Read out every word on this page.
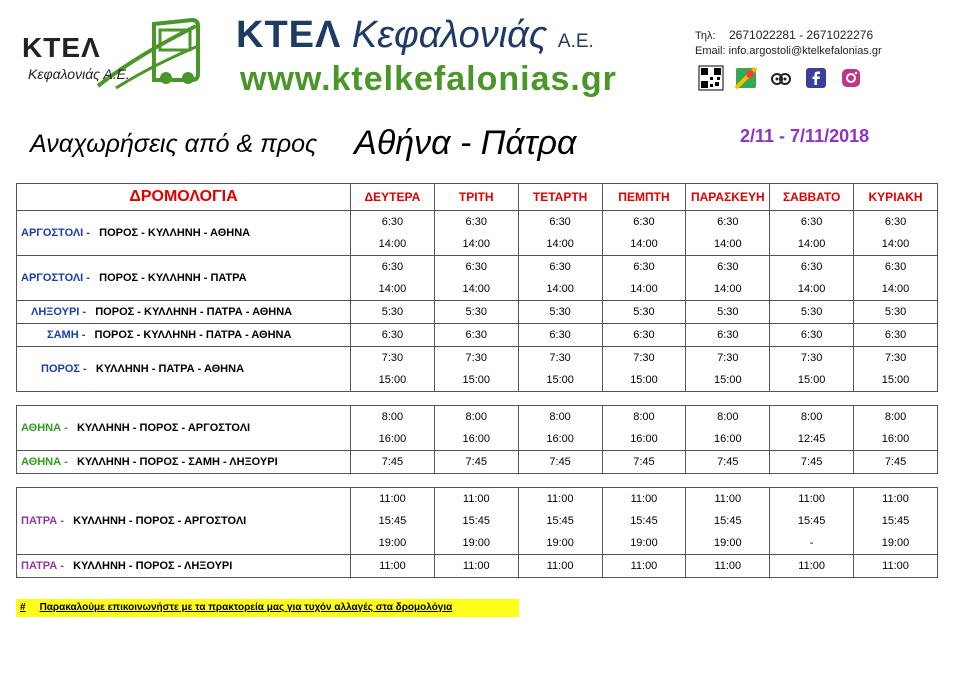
ΚΤΕΛ
Κεφαλονιάς Α.Ε.
ΚΤΕΛ Κεφαλονιάς Α.Ε.
www.ktelkefalonias.gr
Τηλ: 2671022281 - 2671022276
Email: info.argostoli@ktelkefalonias.gr
Αναχωρήσεις από & προς Αθήνα - Πάτρα	2/11 - 7/11/2018
ΔΡΟΜΟΛΟΓΙΑ	ΔΕΥΤΕΡΑ	ΤΡΙΤΗ	ΤΕΤΑΡΤΗ	ΠΕΜΠΤΗ	ΠΑΡΑΣΚΕΥΗ	ΣΑΒΒΑΤΟ	ΚΥΡΙΑΚΗ
ΑΡΓΟΣΤΟΛΙ - ΠΟΡΟΣ - ΚΥΛΛΗΝΗ - ΑΘΗΝΑ	6:30	6:30	6:30	6:30	6:30	6:30	6:30
	14:00	14:00	14:00	14:00	14:00	14:00	14:00
ΑΡΓΟΣΤΟΛΙ - ΠΟΡΟΣ - ΚΥΛΛΗΝΗ - ΠΑΤΡΑ	6:30	6:30	6:30	6:30	6:30	6:30	6:30
	14:00	14:00	14:00	14:00	14:00	14:00	14:00
ΛΗΞΟΥΡΙ - ΠΟΡΟΣ - ΚΥΛΛΗΝΗ - ΠΑΤΡΑ - ΑΘΗΝΑ	5:30	5:30	5:30	5:30	5:30	5:30	5:30
ΣΑΜΗ - ΠΟΡΟΣ - ΚΥΛΛΗΝΗ - ΠΑΤΡΑ - ΑΘΗΝΑ	6:30	6:30	6:30	6:30	6:30	6:30	6:30
ΠΟΡΟΣ - ΚΥΛΛΗΝΗ - ΠΑΤΡΑ - ΑΘΗΝΑ	7:30	7:30	7:30	7:30	7:30	7:30	7:30
	15:00	15:00	15:00	15:00	15:00	15:00	15:00
ΑΘΗΝΑ - ΚΥΛΛΗΝΗ - ΠΟΡΟΣ - ΑΡΓΟΣΤΟΛΙ	8:00	8:00	8:00	8:00	8:00	8:00	8:00
	16:00	16:00	16:00	16:00	16:00	12:45	16:00
ΑΘΗΝΑ - ΚΥΛΛΗΝΗ - ΠΟΡΟΣ - ΣΑΜΗ - ΛΗΞΟΥΡΙ	7:45	7:45	7:45	7:45	7:45	7:45	7:45
ΠΑΤΡΑ - ΚΥΛΛΗΝΗ - ΠΟΡΟΣ - ΑΡΓΟΣΤΟΛΙ	11:00	11:00	11:00	11:00	11:00	11:00	11:00
	15:45	15:45	15:45	15:45	15:45	15:45	15:45
	19:00	19:00	19:00	19:00	19:00	-	19:00
ΠΑΤΡΑ - ΚΥΛΛΗΝΗ - ΠΟΡΟΣ - ΛΗΞΟΥΡΙ	11:00	11:00	11:00	11:00	11:00	11:00	11:00
# Παρακαλούμε επικοινωνήστε με τα πρακτορεία μας για τυχόν αλλαγές στα δρομολόγια
